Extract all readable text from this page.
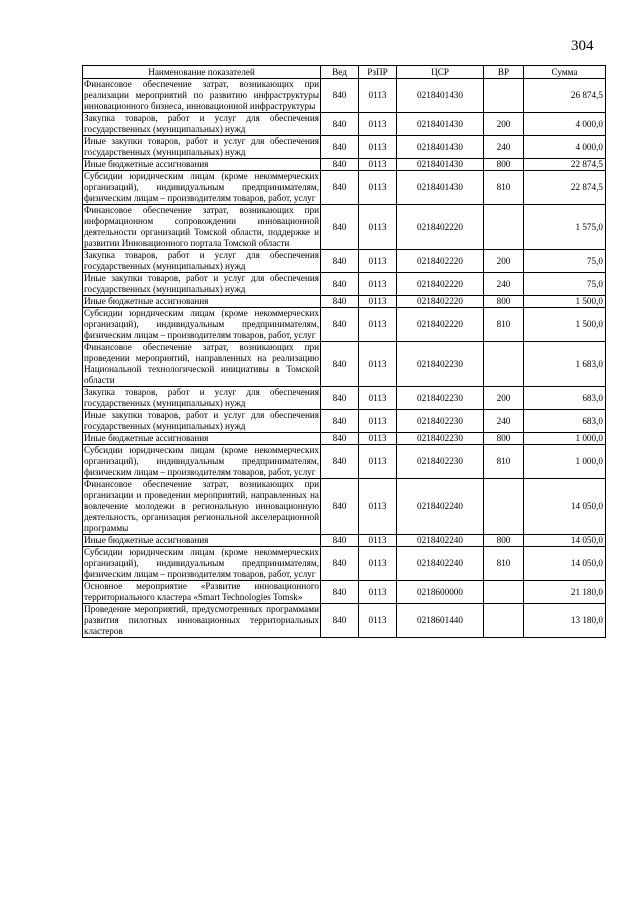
304
Наименование показателей	Вед	РзПР	ЦСР	ВР	Сумма
Финансовое обеспечение затрат, возникающих при реализации мероприятий по развитию инфраструктуры инновационного бизнеса, инновационной инфраструктуры	840	0113	0218401430		26 874,5
Закупка товаров, работ и услуг для обеспечения государственных (муниципальных) нужд	840	0113	0218401430	200	4 000,0
Иные закупки товаров, работ и услуг для обеспечения государственных (муниципальных) нужд	840	0113	0218401430	240	4 000,0
Иные бюджетные ассигнования	840	0113	0218401430	800	22 874,5
Субсидии юридическим лицам (кроме некоммерческих организаций), индивидуальным предпринимателям, физическим лицам – производителям товаров, работ, услуг	840	0113	0218401430	810	22 874,5
Финансовое обеспечение затрат, возникающих при информационном сопровождении инновационной деятельности организаций Томской области, поддержке и развитии Инновационного портала Томской области	840	0113	0218402220		1 575,0
Закупка товаров, работ и услуг для обеспечения государственных (муниципальных) нужд	840	0113	0218402220	200	75,0
Иные закупки товаров, работ и услуг для обеспечения государственных (муниципальных) нужд	840	0113	0218402220	240	75,0
Иные бюджетные ассигнования	840	0113	0218402220	800	1 500,0
Субсидии юридическим лицам (кроме некоммерческих организаций), индивидуальным предпринимателям, физическим лицам – производителям товаров, работ, услуг	840	0113	0218402220	810	1 500,0
Финансовое обеспечение затрат, возникающих при проведении мероприятий, направленных на реализацию Национальной технологической инициативы в Томской области	840	0113	0218402230		1 683,0
Закупка товаров, работ и услуг для обеспечения государственных (муниципальных) нужд	840	0113	0218402230	200	683,0
Иные закупки товаров, работ и услуг для обеспечения государственных (муниципальных) нужд	840	0113	0218402230	240	683,0
Иные бюджетные ассигнования	840	0113	0218402230	800	1 000,0
Субсидии юридическим лицам (кроме некоммерческих организаций), индивидуальным предпринимателям, физическим лицам – производителям товаров, работ, услуг	840	0113	0218402230	810	1 000,0
Финансовое обеспечение затрат, возникающих при организации и проведении мероприятий, направленных на вовлечение молодежи в региональную инновационную деятельность, организация региональной акселерационной программы	840	0113	0218402240		14 050,0
Иные бюджетные ассигнования	840	0113	0218402240	800	14 050,0
Субсидии юридическим лицам (кроме некоммерческих организаций), индивидуальным предпринимателям, физическим лицам – производителям товаров, работ, услуг	840	0113	0218402240	810	14 050,0
Основное мероприятие «Развитие инновационного территориального кластера «Smart Technologies Tomsk»	840	0113	0218600000		21 180,0
Проведение мероприятий, предусмотренных программами развития пилотных инновационных территориальных кластеров	840	0113	0218601440		13 180,0
